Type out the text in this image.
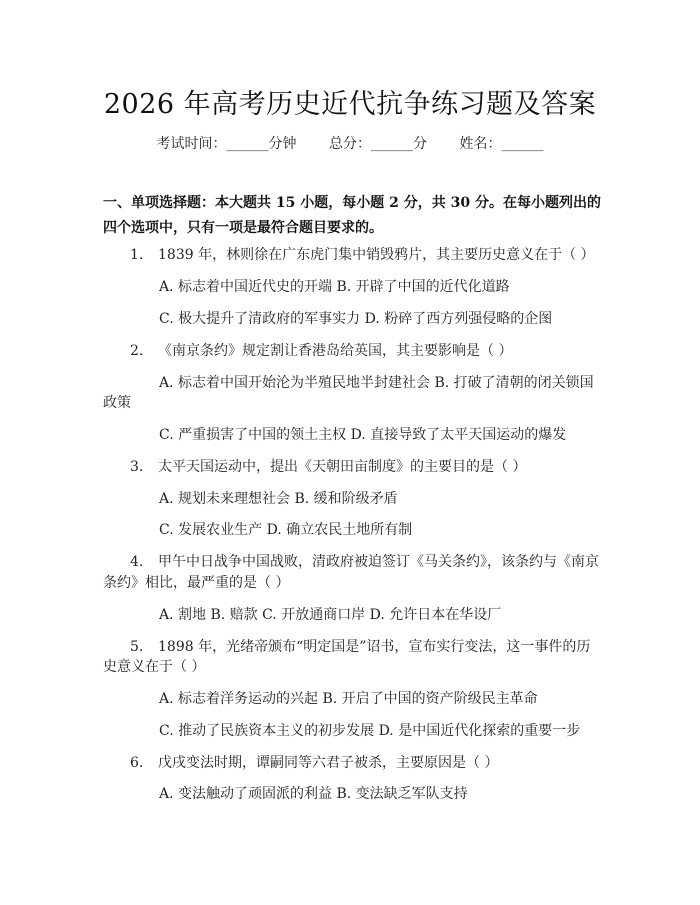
2026 年高考历史近代抗争练习题及答案
考试时间：______分钟 总分：______分 姓名：______
一、单项选择题：本大题共 15 小题，每小题 2 分，共 30 分。在每小题列出的四个选项中，只有一项是最符合题目要求的。
1. 1839 年，林则徐在广东虎门集中销毁鸦片，其主要历史意义在于（ ）
A. 标志着中国近代史的开端 B. 开辟了中国的近代化道路
C. 极大提升了清政府的军事实力 D. 粉碎了西方列强侵略的企图
2. 《南京条约》规定割让香港岛给英国，其主要影响是（ ）
A. 标志着中国开始沦为半殖民地半封建社会 B. 打破了清朝的闭关锁国
政策
C. 严重损害了中国的领土主权 D. 直接导致了太平天国运动的爆发
3. 太平天国运动中，提出《天朝田亩制度》的主要目的是（ ）
A. 规划未来理想社会 B. 缓和阶级矛盾
C. 发展农业生产 D. 确立农民土地所有制
4. 甲午中日战争中国战败，清政府被迫签订《马关条约》，该条约与《南京
条约》相比，最严重的是（ ）
A. 割地 B. 赔款 C. 开放通商口岸 D. 允许日本在华设厂
5. 1898 年，光绪帝颁布“明定国是”诏书，宣布实行变法，这一事件的历
史意义在于（ ）
A. 标志着洋务运动的兴起 B. 开启了中国的资产阶级民主革命
C. 推动了民族资本主义的初步发展 D. 是中国近代化探索的重要一步
6. 戊戌变法时期，谭嗣同等六君子被杀，主要原因是（ ）
A. 变法触动了顽固派的利益 B. 变法缺乏军队支持
